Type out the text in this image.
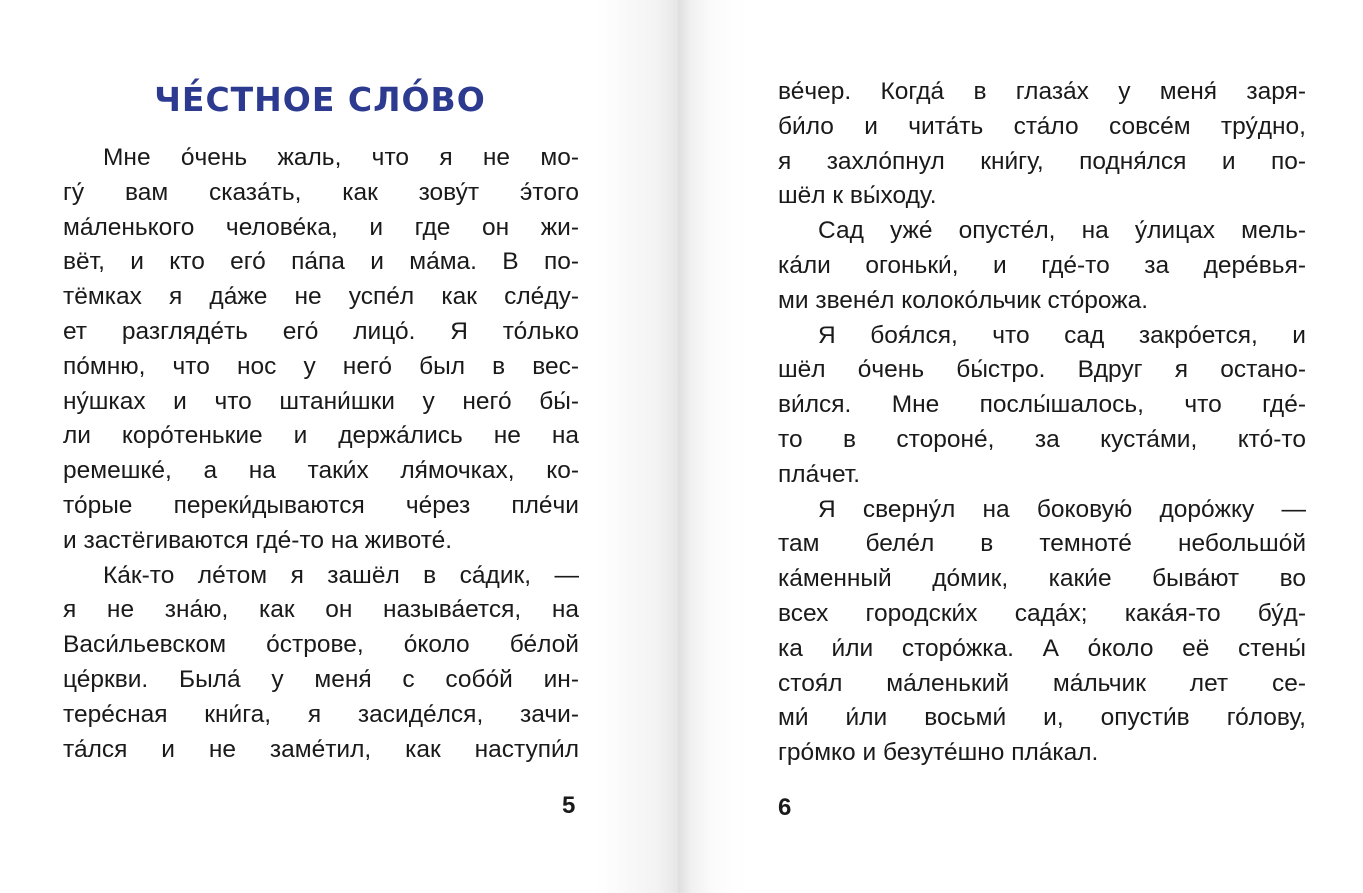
ЧЕ́СТНОЕ СЛО́ВО
Мне о́чень жаль, что я не мо-
гу́ вам сказа́ть, как зову́т э́того
ма́ленького челове́ка, и где он жи-
вёт, и кто его́ па́па и ма́ма. В по-
тёмках я да́же не успе́л как сле́ду-
ет разгляде́ть его́ лицо́. Я то́лько
по́мню, что нос у него́ был в вес-
ну́шках и что штани́шки у него́ бы́-
ли коро́тенькие и держа́лись не на
ремешке́, а на таки́х ля́мочках, ко-
то́рые переки́дываются че́рез пле́чи
и застёгиваются где́-то на животе́.
Ка́к-то ле́том я зашёл в са́дик, —
я не зна́ю, как он называ́ется, на
Васи́льевском о́строве, о́коло бе́лой
це́ркви. Была́ у меня́ с собо́й ин-
тере́сная кни́га, я засиде́лся, зачи-
та́лся и не заме́тил, как наступи́л

5

ве́чер. Когда́ в глаза́х у меня́ заря-
би́ло и чита́ть ста́ло совсе́м тру́дно,
я захло́пнул кни́гу, подня́лся и по-
шёл к вы́ходу.
Сад уже́ опусте́л, на у́лицах мель-
ка́ли огоньки́, и где́-то за дере́вья-
ми звене́л колоко́льчик сто́рожа.
Я боя́лся, что сад закро́ется, и
шёл о́чень бы́стро. Вдруг я остано-
ви́лся. Мне послы́шалось, что где́-
то в стороне́, за куста́ми, кто́-то
пла́чет.
Я сверну́л на боковую́ доро́жку —
там беле́л в темноте́ небольшо́й
ка́менный до́мик, каки́е быва́ют во
всех городски́х сада́х; кака́я-то бу́д-
ка и́ли сторо́жка. А о́коло её стены́
стоя́л ма́ленький ма́льчик лет се-
ми́ и́ли восьми́ и, опусти́в го́лову,
гро́мко и безуте́шно пла́кал.

6
